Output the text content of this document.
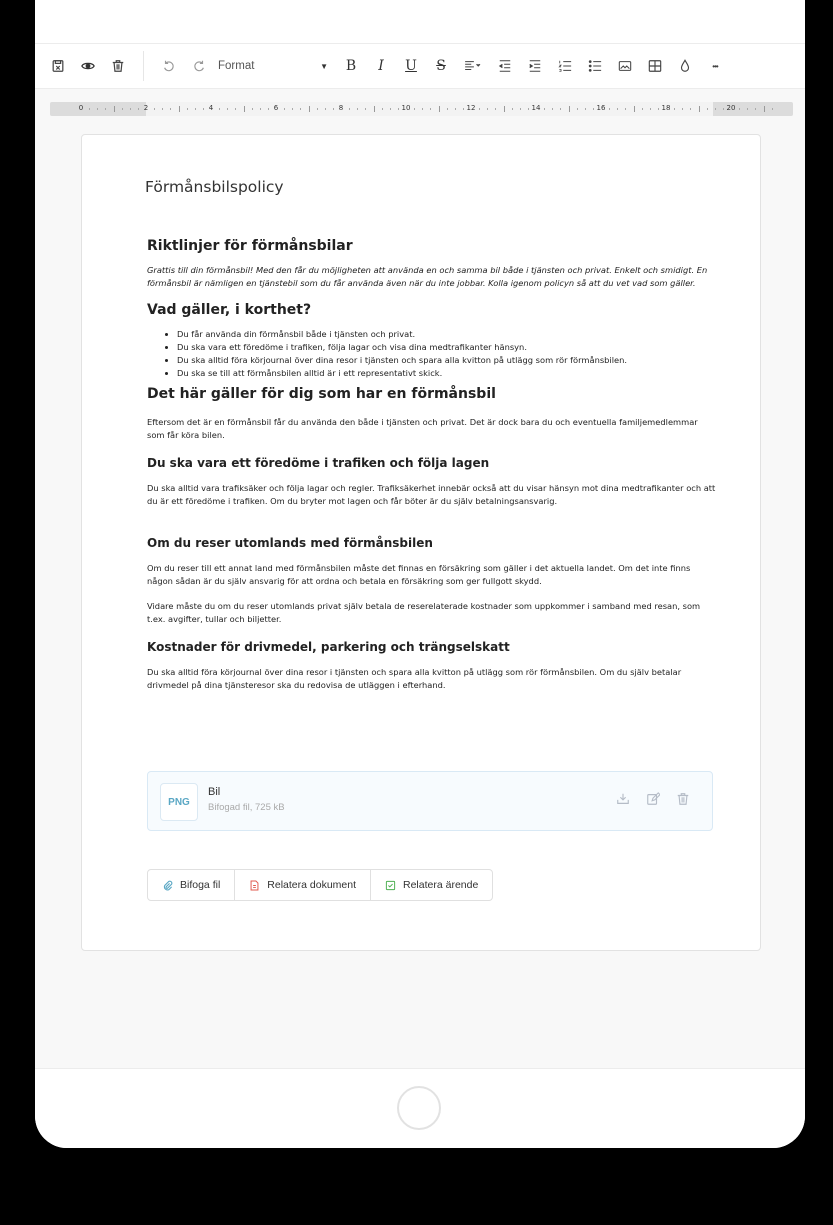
Format	▼ B I U S	•••
0	2	4	6	8	10	12	14	16	18	20
Förmånsbilspolicy
Riktlinjer för förmånsbilar

Grattis till din förmånsbil! Med den får du möjligheten att använda en och samma bil både i tjänsten och privat. Enkelt och smidigt. En förmånsbil är nämligen en tjänstebil som du får använda även när du inte jobbar. Kolla igenom policyn så att du vet vad som gäller.

Vad gäller, i korthet?
• Du får använda din förmånsbil både i tjänsten och privat.
• Du ska vara ett föredöme i trafiken, följa lagar och visa dina medtrafikanter hänsyn.
• Du ska alltid föra körjournal över dina resor i tjänsten och spara alla kvitton på utlägg som rör förmånsbilen.
• Du ska se till att förmånsbilen alltid är i ett representativt skick.
Det här gäller för dig som har en förmånsbil

Eftersom det är en förmånsbil får du använda den både i tjänsten och privat. Det är dock bara du och eventuella familjemedlemmar som får köra bilen.

Du ska vara ett föredöme i trafiken och följa lagen

Du ska alltid vara trafiksäker och följa lagar och regler. Trafiksäkerhet innebär också att du visar hänsyn mot dina medtrafikanter och att du är ett föredöme i trafiken. Om du bryter mot lagen och får böter är du själv betalningsansvarig.

Om du reser utomlands med förmånsbilen

Om du reser till ett annat land med förmånsbilen måste det finnas en försäkring som gäller i det aktuella landet. Om det inte finns någon sådan är du själv ansvarig för att ordna och betala en försäkring som ger fullgott skydd.

Vidare måste du om du reser utomlands privat själv betala de reserelaterade kostnader som uppkommer i samband med resan, som t.ex. avgifter, tullar och biljetter.

Kostnader för drivmedel, parkering och trängselskatt

Du ska alltid föra körjournal över dina resor i tjänsten och spara alla kvitton på utlägg som rör förmånsbilen. Om du själv betalar drivmedel på dina tjänsteresor ska du redovisa de utläggen i efterhand.

PNG
Bil
Bifogad fil, 725 kB
Bifoga fil	Relatera dokument	Relatera ärende
